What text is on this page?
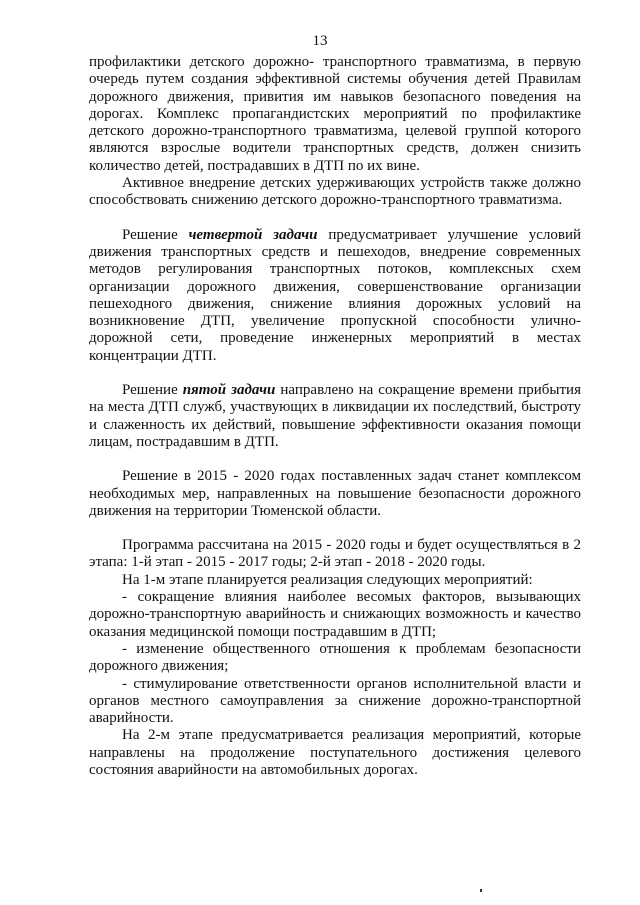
13

профилактики детского дорожно- транспортного травматизма, в первую очередь путем создания эффективной системы обучения детей Правилам дорожного движения, привития им навыков безопасного поведения на дорогах. Комплекс пропагандистских мероприятий по профилактике детского дорожно-транспортного травматизма, целевой группой которого являются взрослые водители транспортных средств, должен снизить количество детей, пострадавших в ДТП по их вине.

Активное внедрение детских удерживающих устройств также должно способствовать снижению детского дорожно-транспортного травматизма.

Решение четвертой задачи предусматривает улучшение условий движения транспортных средств и пешеходов, внедрение современных методов регулирования транспортных потоков, комплексных схем организации дорожного движения, совершенствование организации пешеходного движения, снижение влияния дорожных условий на возникновение ДТП, увеличение пропускной способности улично-дорожной сети, проведение инженерных мероприятий в местах концентрации ДТП.

Решение пятой задачи направлено на сокращение времени прибытия на места ДТП служб, участвующих в ликвидации их последствий, быстроту и слаженность их действий, повышение эффективности оказания помощи лицам, пострадавшим в ДТП.

Решение в 2015 - 2020 годах поставленных задач станет комплексом необходимых мер, направленных на повышение безопасности дорожного движения на территории Тюменской области.

Программа рассчитана на 2015 - 2020 годы и будет осуществляться в 2 этапа: 1-й этап - 2015 - 2017 годы; 2-й этап - 2018 - 2020 годы.

На 1-м этапе планируется реализация следующих мероприятий:

- сокращение влияния наиболее весомых факторов, вызывающих дорожно-транспортную аварийность и снижающих возможность и качество оказания медицинской помощи пострадавшим в ДТП;

- изменение общественного отношения к проблемам безопасности дорожного движения;

- стимулирование ответственности органов исполнительной власти и органов местного самоуправления за снижение дорожно-транспортной аварийности.

На 2-м этапе предусматривается реализация мероприятий, которые направлены на продолжение поступательного достижения целевого состояния аварийности на автомобильных дорогах.
